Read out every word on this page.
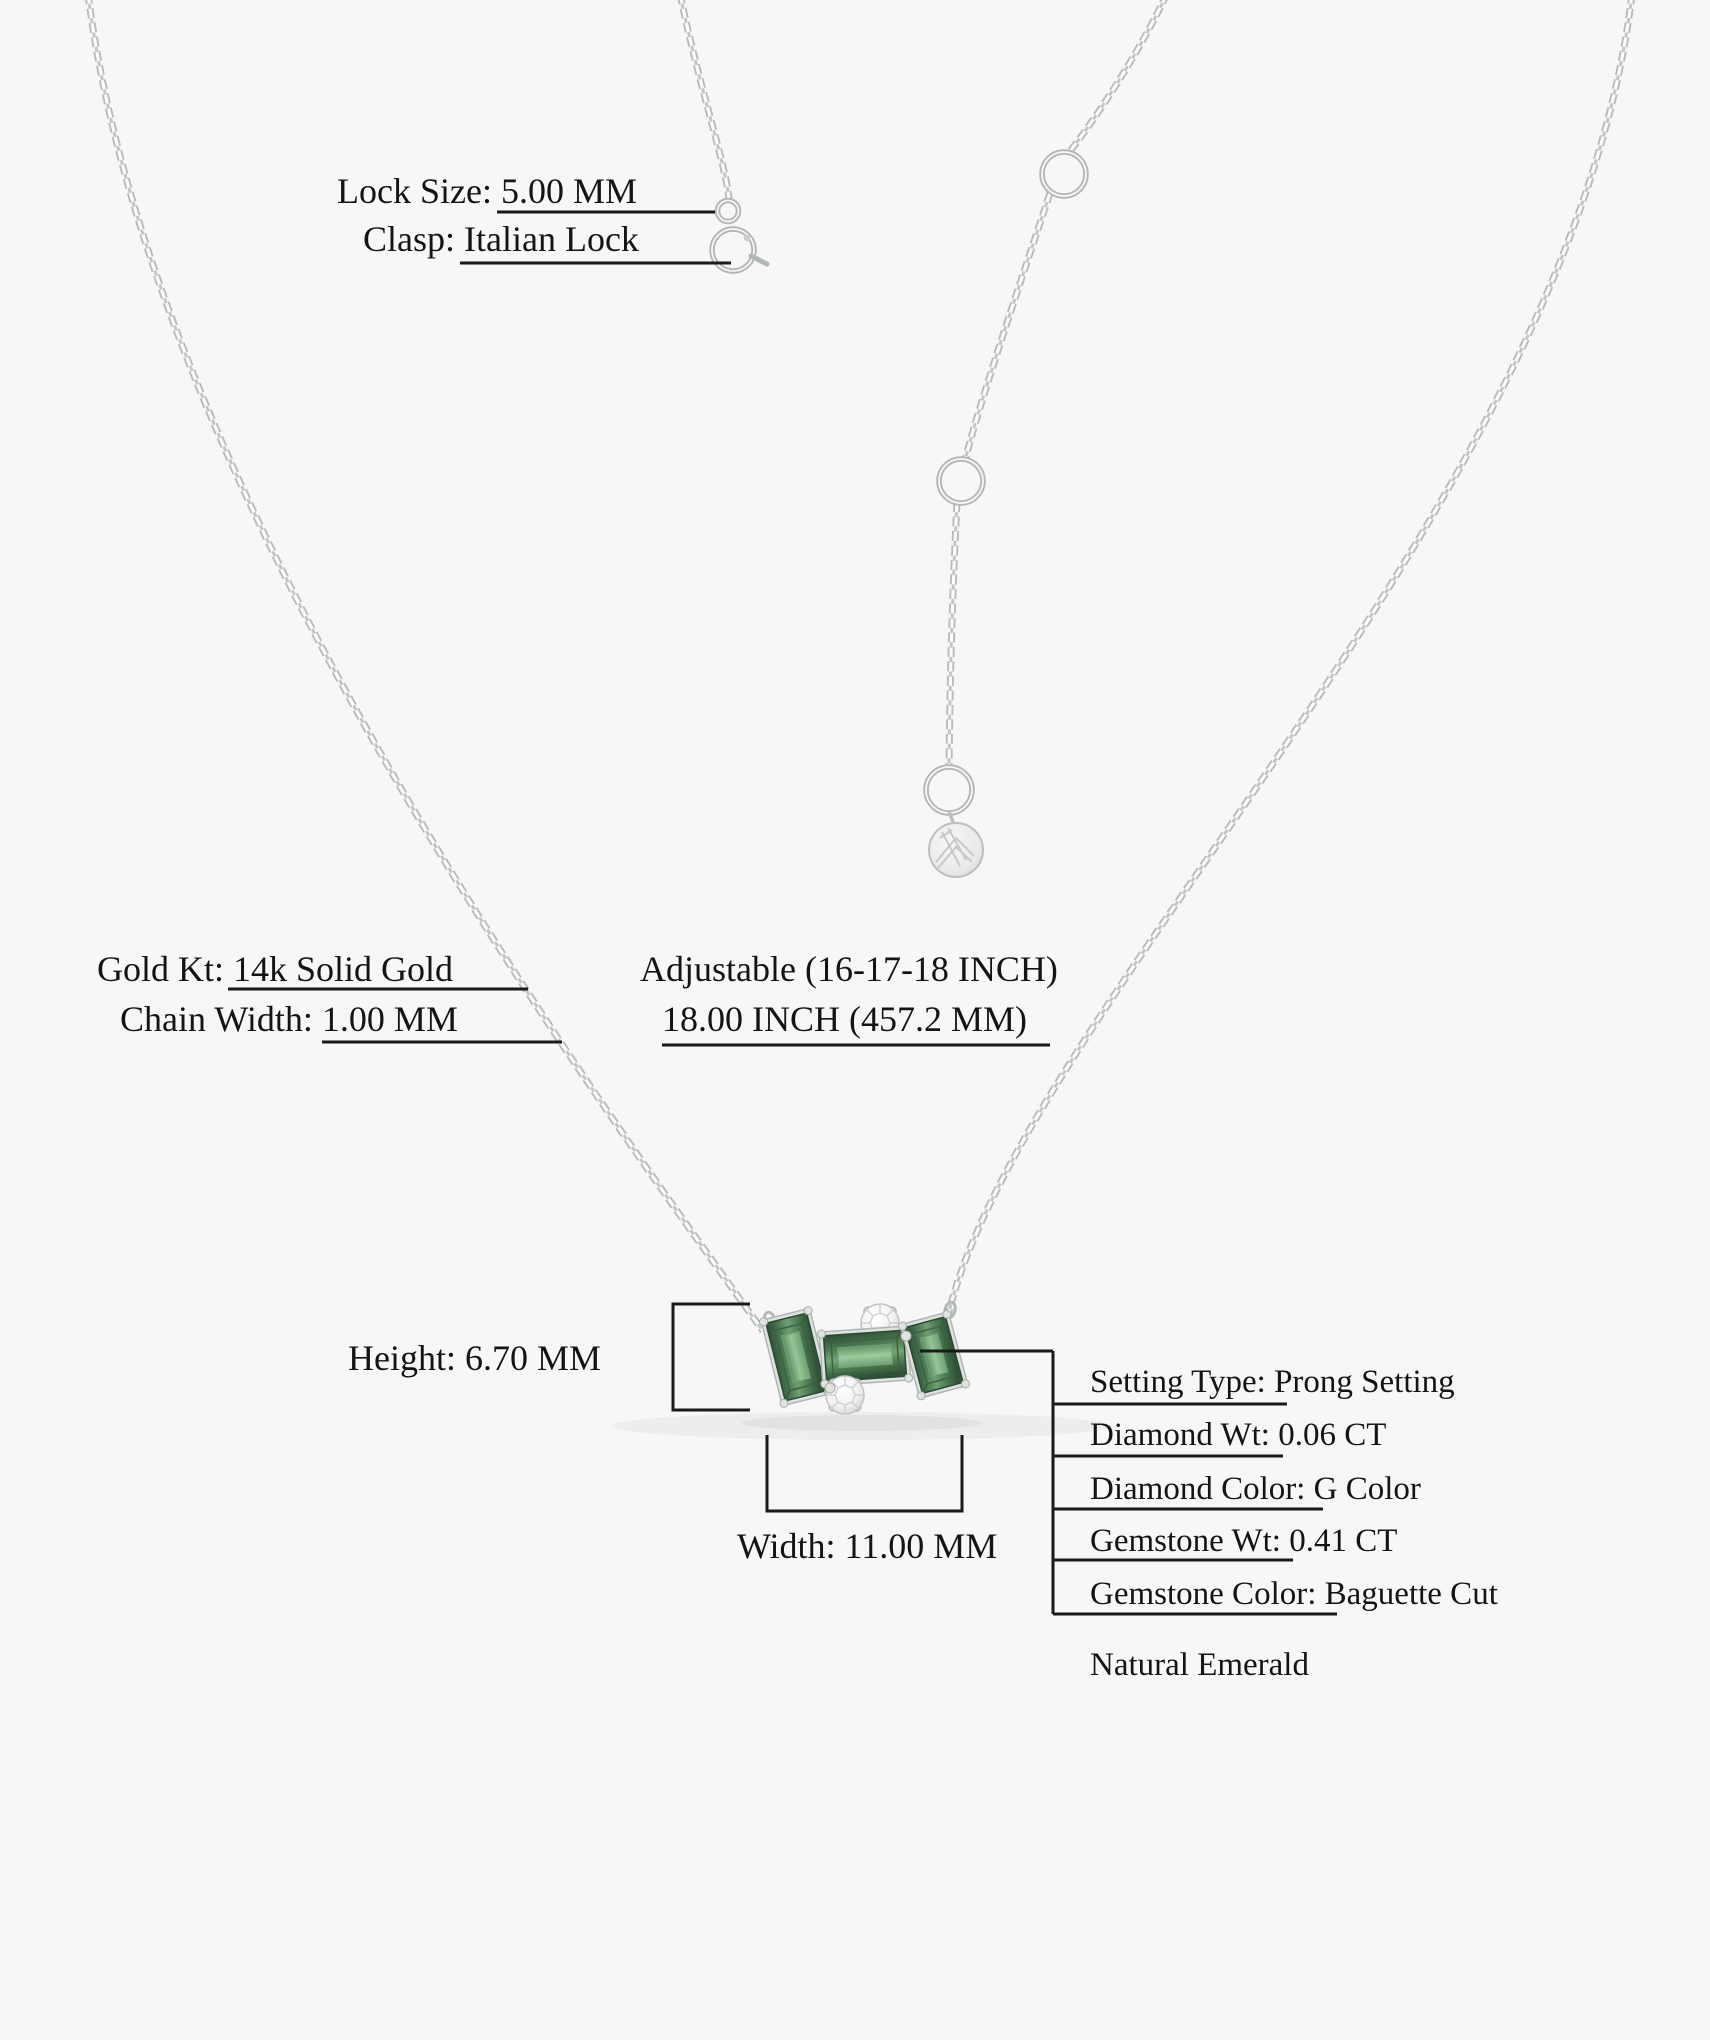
Lock Size: 5.00 MM
Clasp: Italian Lock
Gold Kt: 14k Solid Gold
Chain Width: 1.00 MM
Adjustable (16-17-18 INCH)
18.00 INCH (457.2 MM)
Height: 6.70 MM
Width: 11.00 MM
Setting Type: Prong Setting
Diamond Wt: 0.06 CT
Diamond Color: G Color
Gemstone Wt: 0.41 CT
Gemstone Color: Baguette Cut
Natural Emerald
